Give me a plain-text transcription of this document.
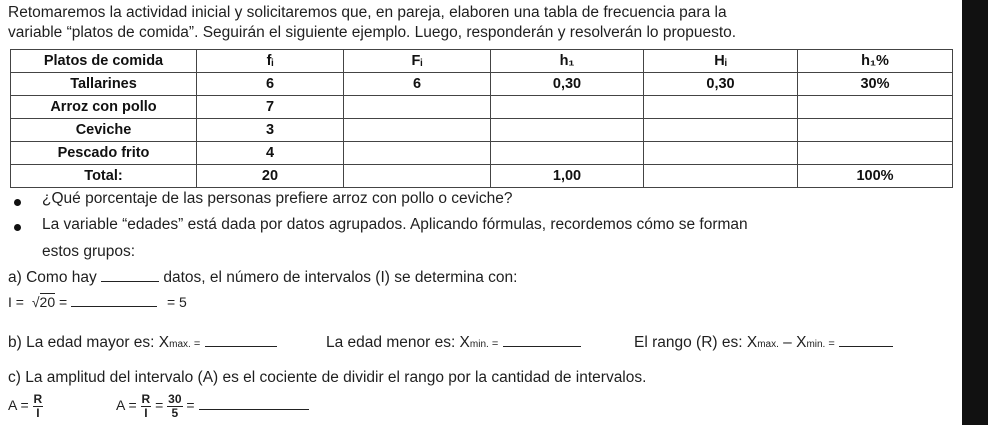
Retomaremos la actividad inicial y solicitaremos que, en pareja, elaboren una tabla de frecuencia para la
variable “platos de comida”. Seguirán el siguiente ejemplo. Luego, responderán y resolverán lo propuesto.
Platos de comida	fᵢ	Fᵢ	h₁	Hᵢ	h₁%
Tallarines	6	6	0,30	0,30	30%
Arroz con pollo	7				
Ceviche	3				
Pescado frito	4				
Total:	20		1,00		100%
¿Qué porcentaje de las personas prefiere arroz con pollo o ceviche?
La variable “edades” está dada por datos agrupados. Aplicando fórmulas, recordemos cómo se forman
estos grupos:
a) Como hay	datos, el número de intervalos (I) se determina con:
I = √20 =	= 5
b) La edad mayor es: Xmax. =	La edad menor es: Xmin. =	El rango (R) es: Xmax. – Xmin. =
c) La amplitud del intervalo (A) es el cociente de dividir el rango por la cantidad de intervalos.
$A = \frac{R}{I}$	$A = \frac{R}{I} = \frac{30}{5}$ =
